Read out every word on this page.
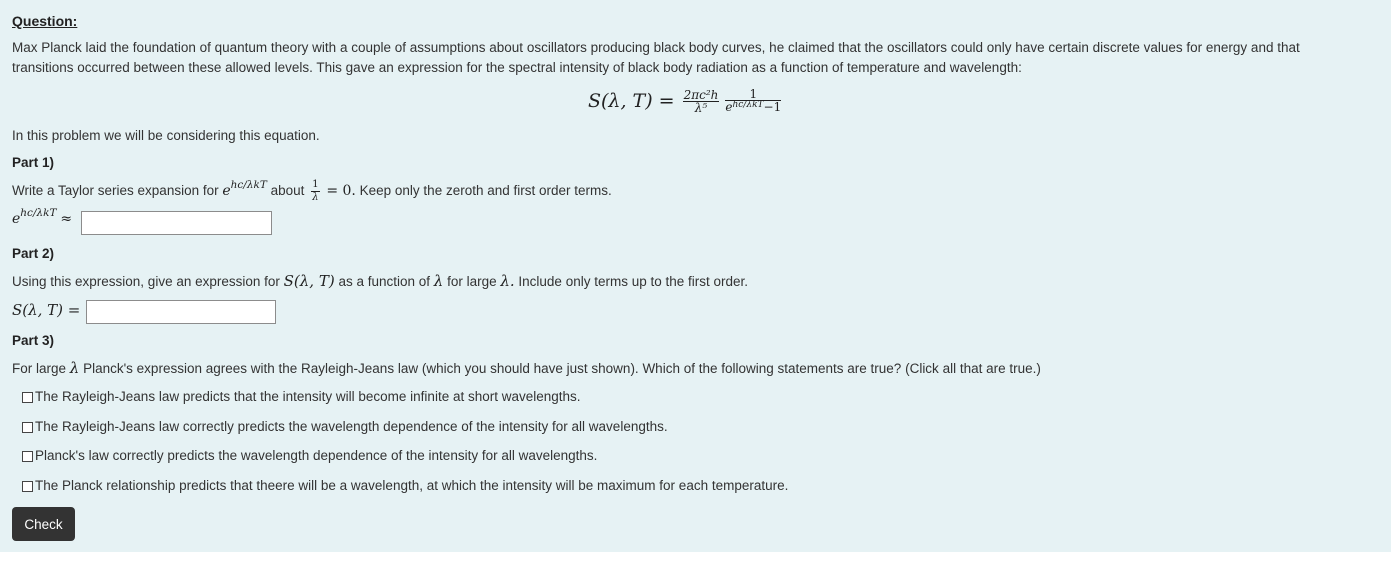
Question:
Max Planck laid the foundation of quantum theory with a couple of assumptions about oscillators producing black body curves, he claimed that the oscillators could only have certain discrete values for energy and that
transitions occurred between these allowed levels. This gave an expression for the spectral intensity of black body radiation as a function of temperature and wavelength:
S(λ, $T) = \frac{\text{2πc²h}}{\text{λ⁵}} \frac{1}{e^{hc/\lambda kT}-1}$
In this problem we will be considering this equation.
Part 1)
Write a Taylor series expansion for $e^{hc/\lambda kT}$ about $\frac{1}{\lambda} = 0$. Keep only the zeroth and first order terms.
$e^{hc/\lambda kT}$ ≈
Part 2)
Using this expression, give an expression for S(λ, T) as a function of λ for large λ. Include only terms up to the first order.
S(λ, T) =
Part 3)
For large λ Planck's expression agrees with the Rayleigh-Jeans law (which you should have just shown). Which of the following statements are true? (Click all that are true.)
The Rayleigh-Jeans law predicts that the intensity will become infinite at short wavelengths.
The Rayleigh-Jeans law correctly predicts the wavelength dependence of the intensity for all wavelengths.
Planck's law correctly predicts the wavelength dependence of the intensity for all wavelengths.
The Planck relationship predicts that theere will be a wavelength, at which the intensity will be maximum for each temperature.
Check
